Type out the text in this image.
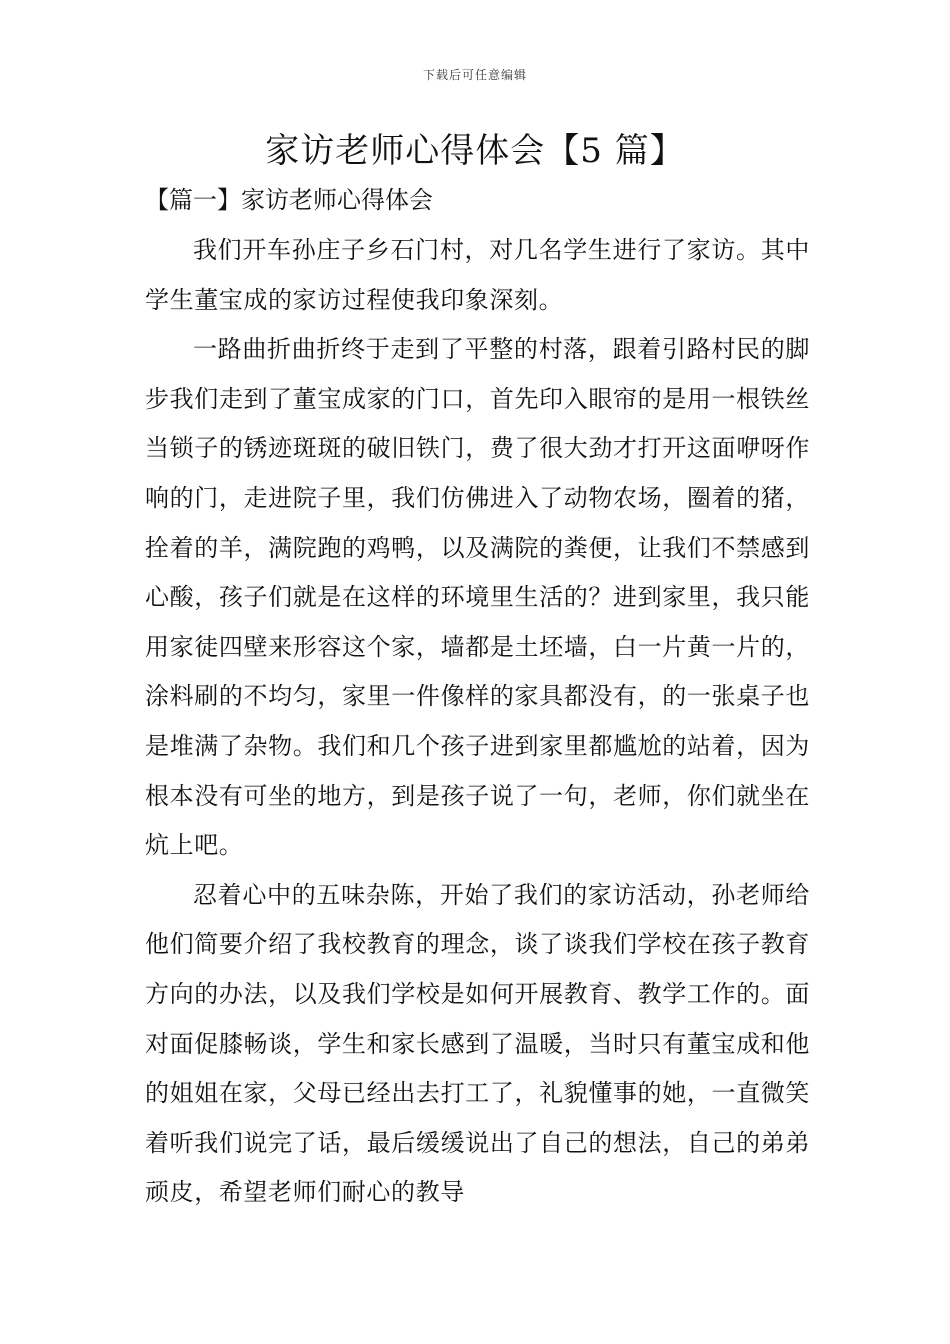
下载后可任意编辑
家访老师心得体会【5 篇】
【篇一】家访老师心得体会

我们开车孙庄子乡石门村，对几名学生进行了家访。其中学生董宝成的家访过程使我印象深刻。

一路曲折曲折终于走到了平整的村落，跟着引路村民的脚步我们走到了董宝成家的门口，首先印入眼帘的是用一根铁丝当锁子的锈迹斑斑的破旧铁门，费了很大劲才打开这面咿呀作响的门，走进院子里，我们仿佛进入了动物农场，圈着的猪，拴着的羊，满院跑的鸡鸭，以及满院的粪便，让我们不禁感到心酸，孩子们就是在这样的环境里生活的？进到家里，我只能用家徒四壁来形容这个家，墙都是土坯墙，白一片黄一片的，涂料刷的不均匀，家里一件像样的家具都没有，的一张桌子也是堆满了杂物。我们和几个孩子进到家里都尴尬的站着，因为根本没有可坐的地方，到是孩子说了一句，老师，你们就坐在炕上吧。

忍着心中的五味杂陈，开始了我们的家访活动，孙老师给他们简要介绍了我校教育的理念，谈了谈我们学校在孩子教育方向的办法，以及我们学校是如何开展教育、教学工作的。面对面促膝畅谈，学生和家长感到了温暖，当时只有董宝成和他的姐姐在家，父母已经出去打工了，礼貌懂事的她，一直微笑着听我们说完了话，最后缓缓说出了自己的想法，自己的弟弟顽皮，希望老师们耐心的教导
